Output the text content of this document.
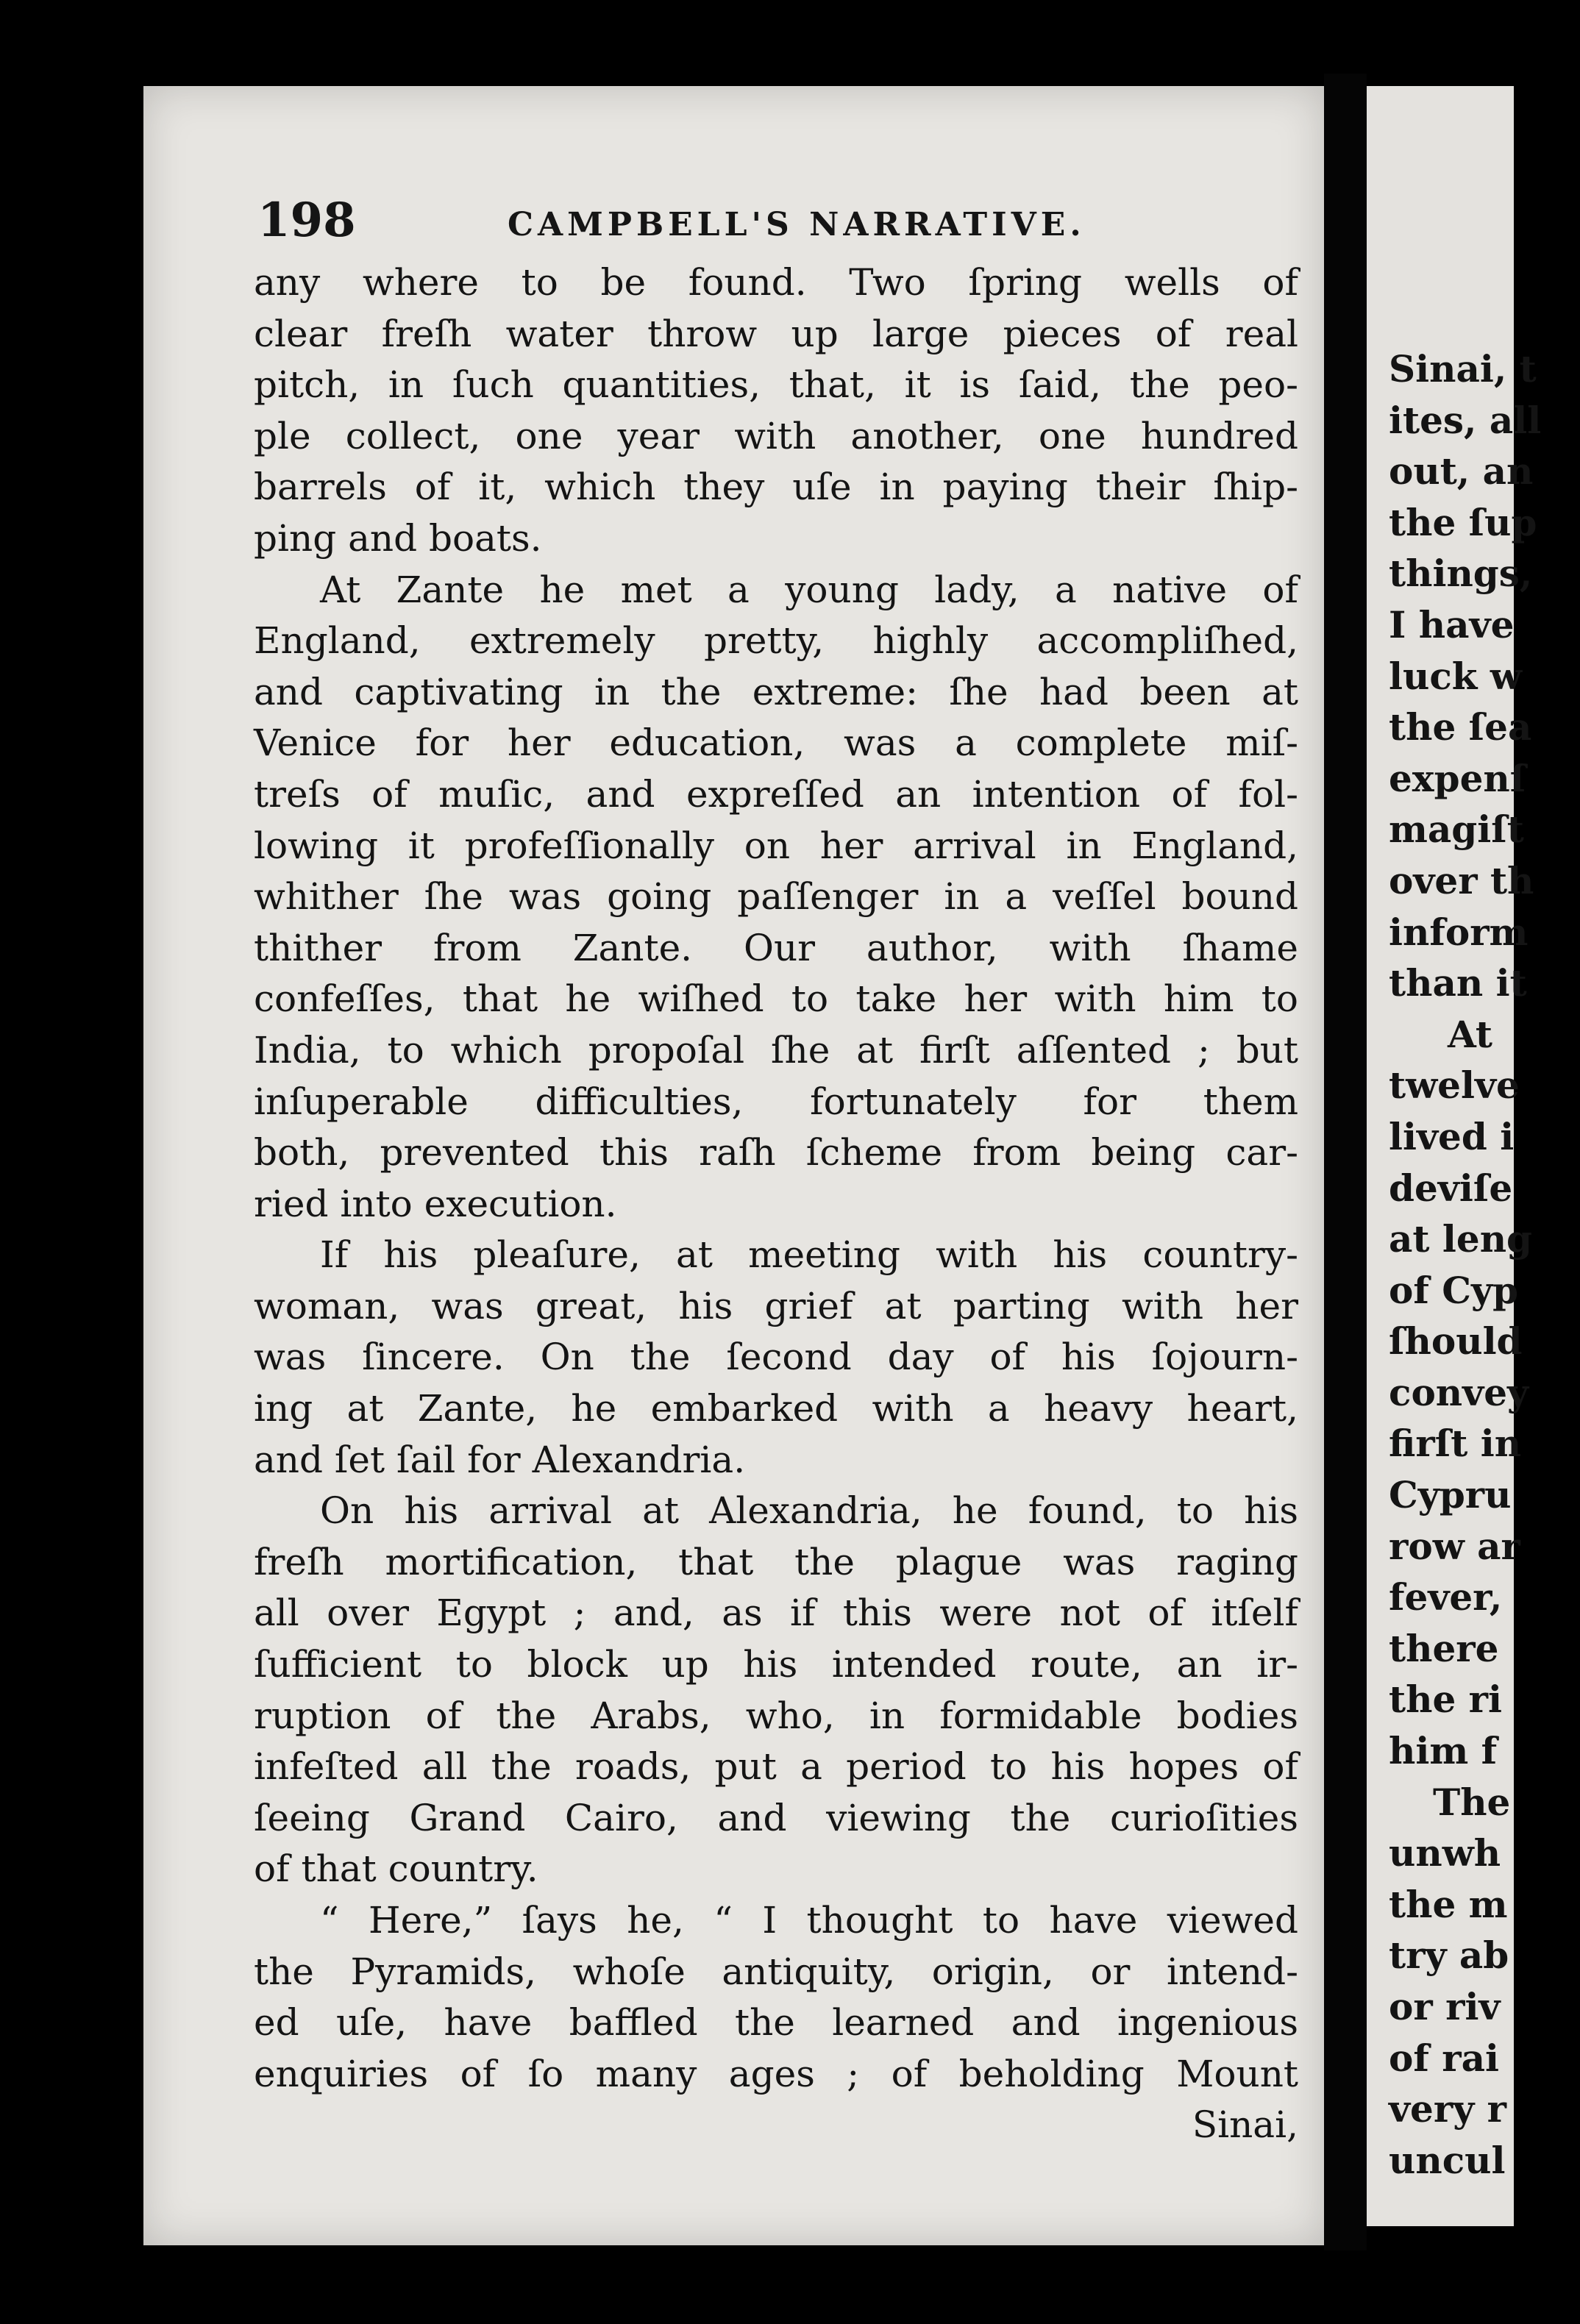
Sinai, t
ites, all
out, an
the ſup
things,
I have
luck w
the ſea
expenſ
magiſt
over th
inform
than it
At
twelve
lived i
deviſe
at leng
of Cyp
ſhould
convey
firſt in
Cypru
row ar
fever,
there
the ri
him f
The
unwh
the m
try ab
or riv
of rai
very r
uncul
198	CAMPBELL'S NARRATIVE.
any where to be found. Two ſpring wells of
clear freſh water throw up large pieces of real
pitch, in ſuch quantities, that, it is ſaid, the peo-
ple collect, one year with another, one hundred
barrels of it, which they uſe in paying their ſhip-
ping and boats.
At Zante he met a young lady, a native of
England, extremely pretty, highly accompliſhed,
and captivating in the extreme: ſhe had been at
Venice for her education, was a complete miſ-
treſs of muſic, and expreſſed an intention of fol-
lowing it profeſſionally on her arrival in England,
whither ſhe was going paſſenger in a veſſel bound
thither from Zante. Our author, with ſhame
confeſſes, that he wiſhed to take her with him to
India, to which propoſal ſhe at firſt aſſented ; but
inſuperable difficulties, fortunately for them
both, prevented this raſh ſcheme from being car-
ried into execution.
If his pleaſure, at meeting with his country-
woman, was great, his grief at parting with her
was ſincere. On the ſecond day of his ſojourn-
ing at Zante, he embarked with a heavy heart,
and ſet ſail for Alexandria.
On his arrival at Alexandria, he found, to his
freſh mortification, that the plague was raging
all over Egypt ; and, as if this were not of itſelf
ſufficient to block up his intended route, an ir-
ruption of the Arabs, who, in formidable bodies
infeſted all the roads, put a period to his hopes of
ſeeing Grand Cairo, and viewing the curioſities
of that country.
“ Here,” ſays he, “ I thought to have viewed
the Pyramids, whoſe antiquity, origin, or intend-
ed uſe, have baffled the learned and ingenious
enquiries of ſo many ages ; of beholding Mount
Sinai,
